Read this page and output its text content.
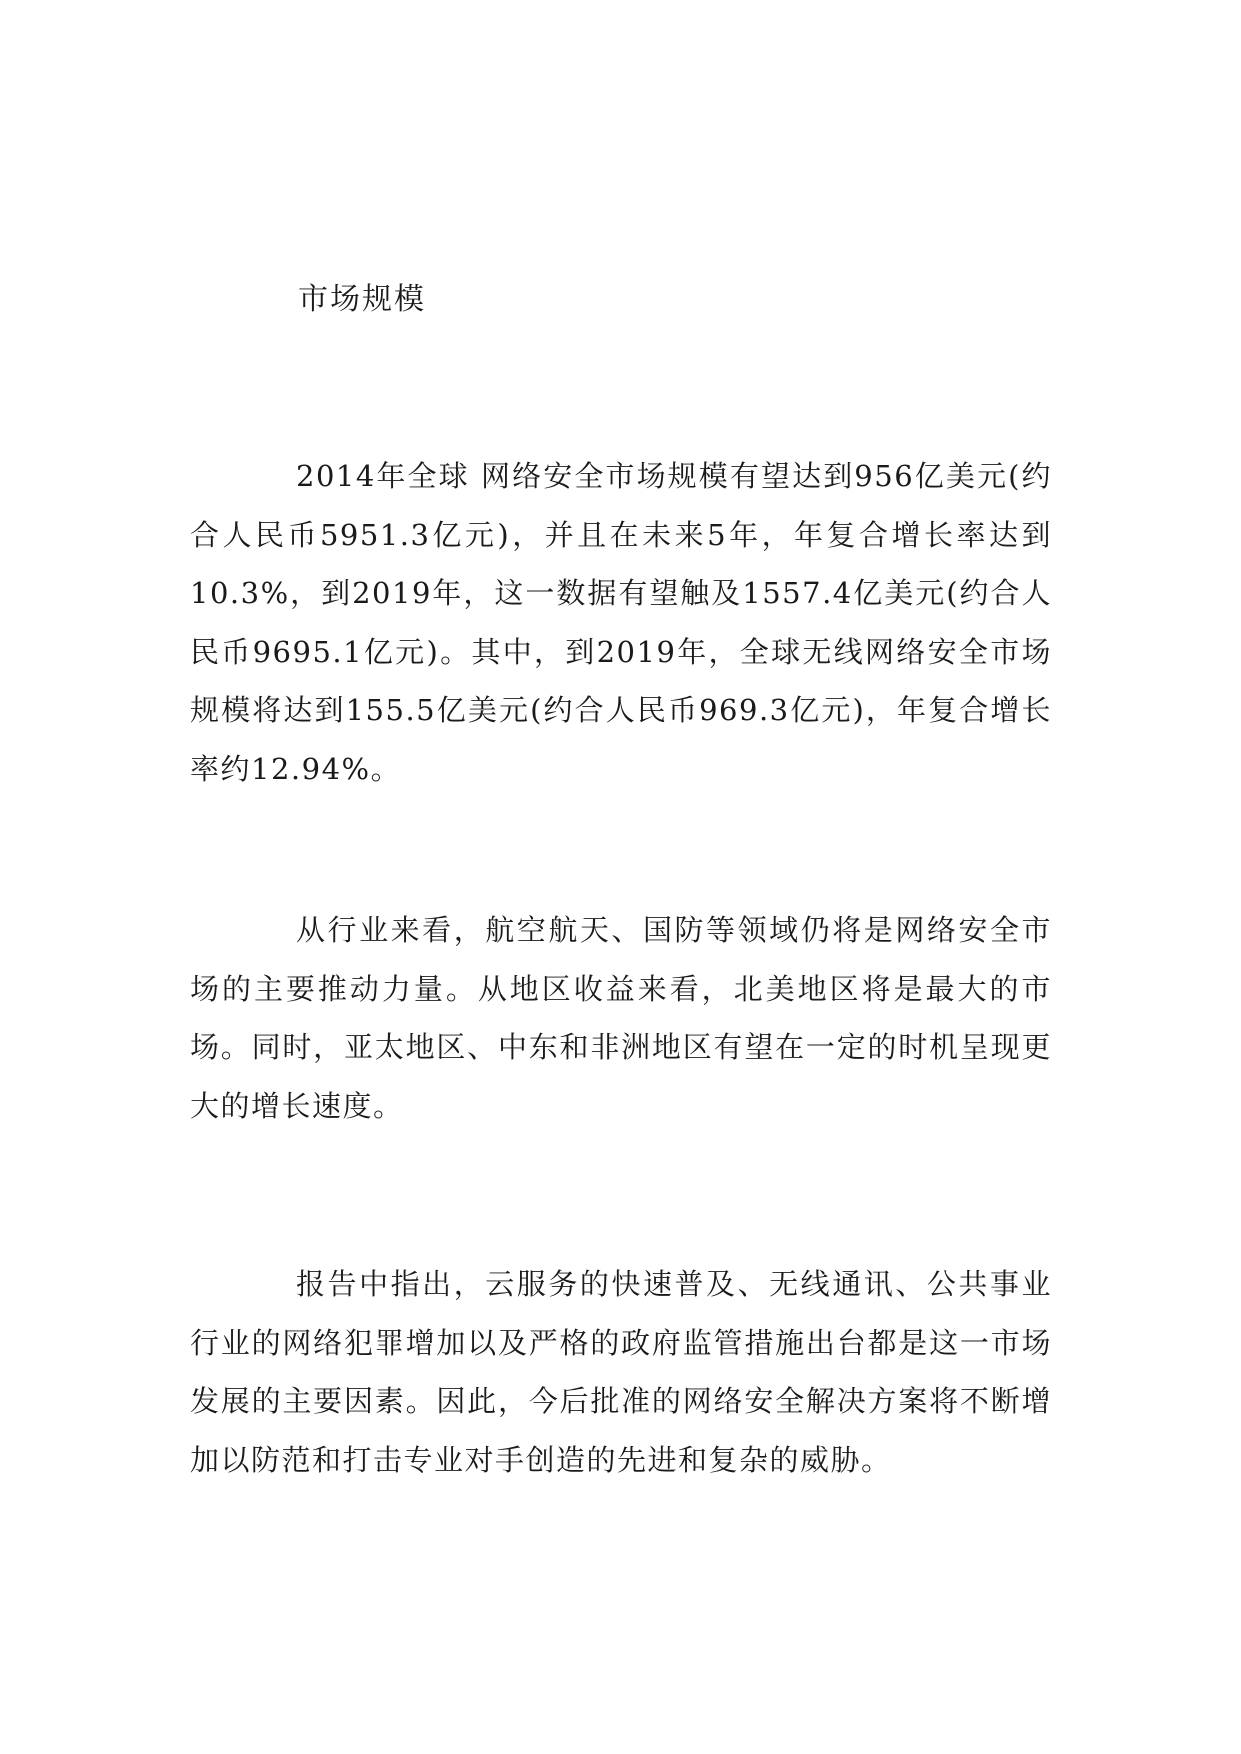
市场规模

2014年全球 网络安全市场规模有望达到956亿美元(约合人民币5951.3亿元)，并且在未来5年，年复合增长率达到10.3%，到2019年，这一数据有望触及1557.4亿美元(约合人民币9695.1亿元)。其中，到2019年，全球无线网络安全市场规模将达到155.5亿美元(约合人民币969.3亿元)，年复合增长率约12.94%。

从行业来看，航空航天、国防等领域仍将是网络安全市场的主要推动力量。从地区收益来看，北美地区将是最大的市场。同时，亚太地区、中东和非洲地区有望在一定的时机呈现更大的增长速度。

报告中指出，云服务的快速普及、无线通讯、公共事业行业的网络犯罪增加以及严格的政府监管措施出台都是这一市场发展的主要因素。因此，今后批准的网络安全解决方案将不断增加以防范和打击专业对手创造的先进和复杂的威胁。
